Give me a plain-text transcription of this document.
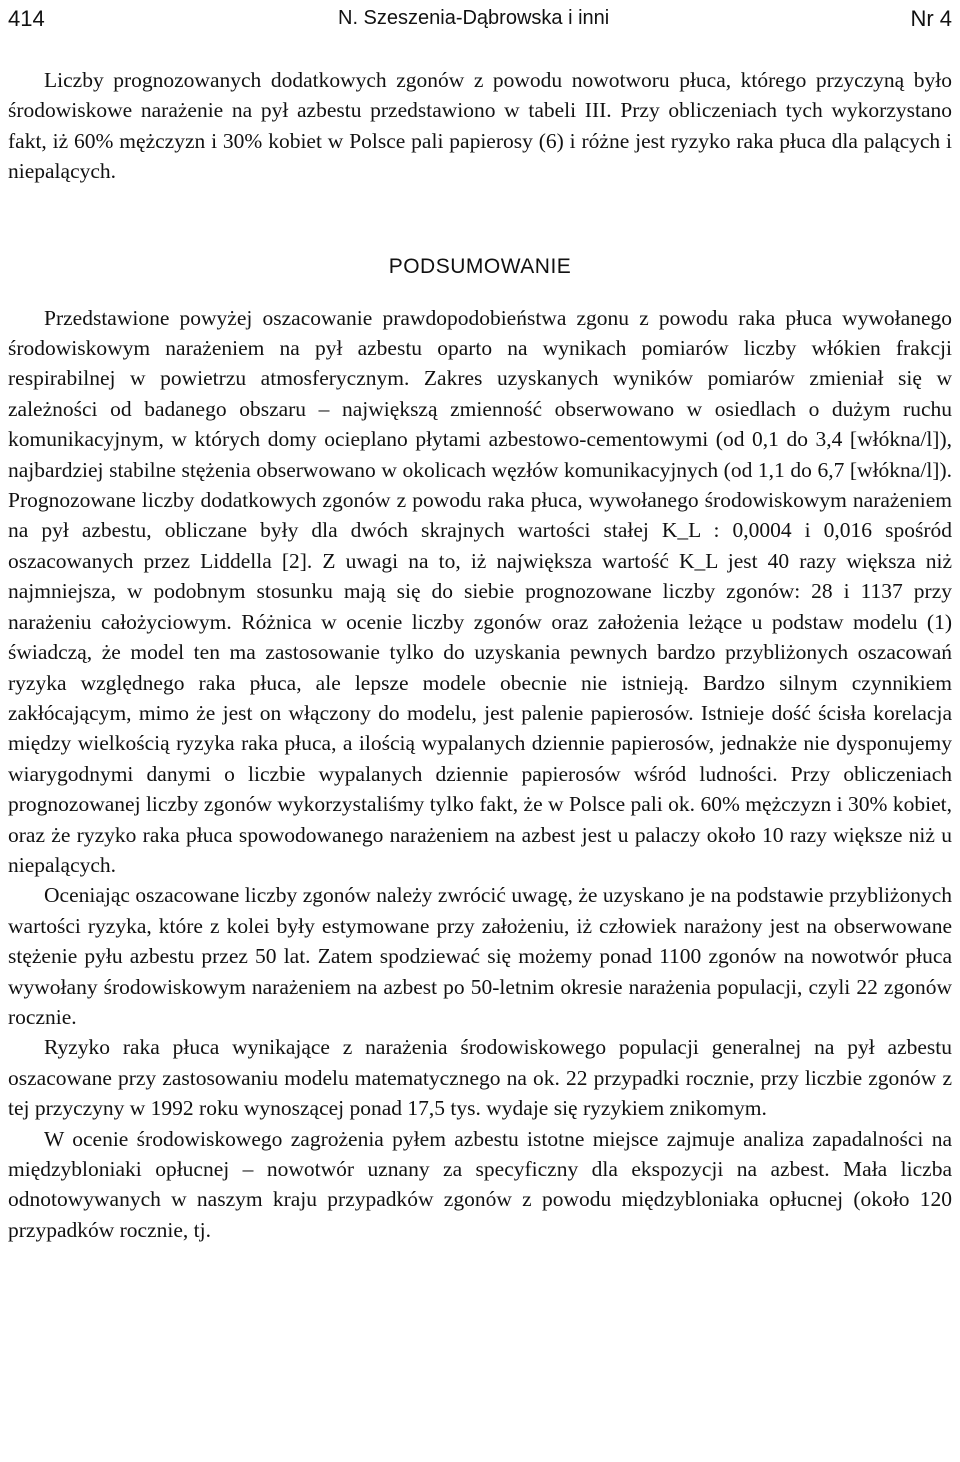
414	N. Szeszenia-Dąbrowska i inni	Nr 4

Liczby prognozowanych dodatkowych zgonów z powodu nowotworu płuca, którego przyczyną było środowiskowe narażenie na pył azbestu przedstawiono w tabeli III. Przy obliczeniach tych wykorzystano fakt, iż 60% mężczyzn i 30% kobiet w Polsce pali papierosy (6) i różne jest ryzyko raka płuca dla palących i niepalących.

PODSUMOWANIE

Przedstawione powyżej oszacowanie prawdopodobieństwa zgonu z powodu raka płuca wywołanego środowiskowym narażeniem na pył azbestu oparto na wynikach pomiarów liczby włókien frakcji respirabilnej w powietrzu atmosferycznym. Zakres uzyskanych wyników pomiarów zmieniał się w zależności od badanego obszaru – największą zmienność obserwowano w osiedlach o dużym ruchu komunikacyjnym, w których domy ocieplano płytami azbestowo-cementowymi (od 0,1 do 3,4 [włókna/l]), najbardziej stabilne stężenia obserwowano w okolicach węzłów komunikacyjnych (od 1,1 do 6,7 [włókna/l]). Prognozowane liczby dodatkowych zgonów z powodu raka płuca, wywołanego środowiskowym narażeniem na pył azbestu, obliczane były dla dwóch skrajnych wartości stałej K_L : 0,0004 i 0,016 spośród oszacowanych przez Liddella [2]. Z uwagi na to, iż największa wartość K_L jest 40 razy większa niż najmniejsza, w podobnym stosunku mają się do siebie prognozowane liczby zgonów: 28 i 1137 przy narażeniu całożyciowym. Różnica w ocenie liczby zgonów oraz założenia leżące u podstaw modelu (1) świadczą, że model ten ma zastosowanie tylko do uzyskania pewnych bardzo przybliżonych oszacowań ryzyka względnego raka płuca, ale lepsze modele obecnie nie istnieją. Bardzo silnym czynnikiem zakłócającym, mimo że jest on włączony do modelu, jest palenie papierosów. Istnieje dość ścisła korelacja między wielkością ryzyka raka płuca, a ilością wypalanych dziennie papierosów, jednakże nie dysponujemy wiarygodnymi danymi o liczbie wypalanych dziennie papierosów wśród ludności. Przy obliczeniach prognozowanej liczby zgonów wykorzystaliśmy tylko fakt, że w Polsce pali ok. 60% mężczyzn i 30% kobiet, oraz że ryzyko raka płuca spowodowanego narażeniem na azbest jest u palaczy około 10 razy większe niż u niepalących.

Oceniając oszacowane liczby zgonów należy zwrócić uwagę, że uzyskano je na podstawie przybliżonych wartości ryzyka, które z kolei były estymowane przy założeniu, iż człowiek narażony jest na obserwowane stężenie pyłu azbestu przez 50 lat. Zatem spodziewać się możemy ponad 1100 zgonów na nowotwór płuca wywołany środowiskowym narażeniem na azbest po 50-letnim okresie narażenia populacji, czyli 22 zgonów rocznie.

Ryzyko raka płuca wynikające z narażenia środowiskowego populacji generalnej na pył azbestu oszacowane przy zastosowaniu modelu matematycznego na ok. 22 przypadki rocznie, przy liczbie zgonów z tej przyczyny w 1992 roku wynoszącej ponad 17,5 tys. wydaje się ryzykiem znikomym.

W ocenie środowiskowego zagrożenia pyłem azbestu istotne miejsce zajmuje analiza zapadalności na międzybloniaki opłucnej – nowotwór uznany za specyficzny dla ekspozycji na azbest. Mała liczba odnotowywanych w naszym kraju przypadków zgonów z powodu międzybloniaka opłucnej (około 120 przypadków rocznie, tj.
